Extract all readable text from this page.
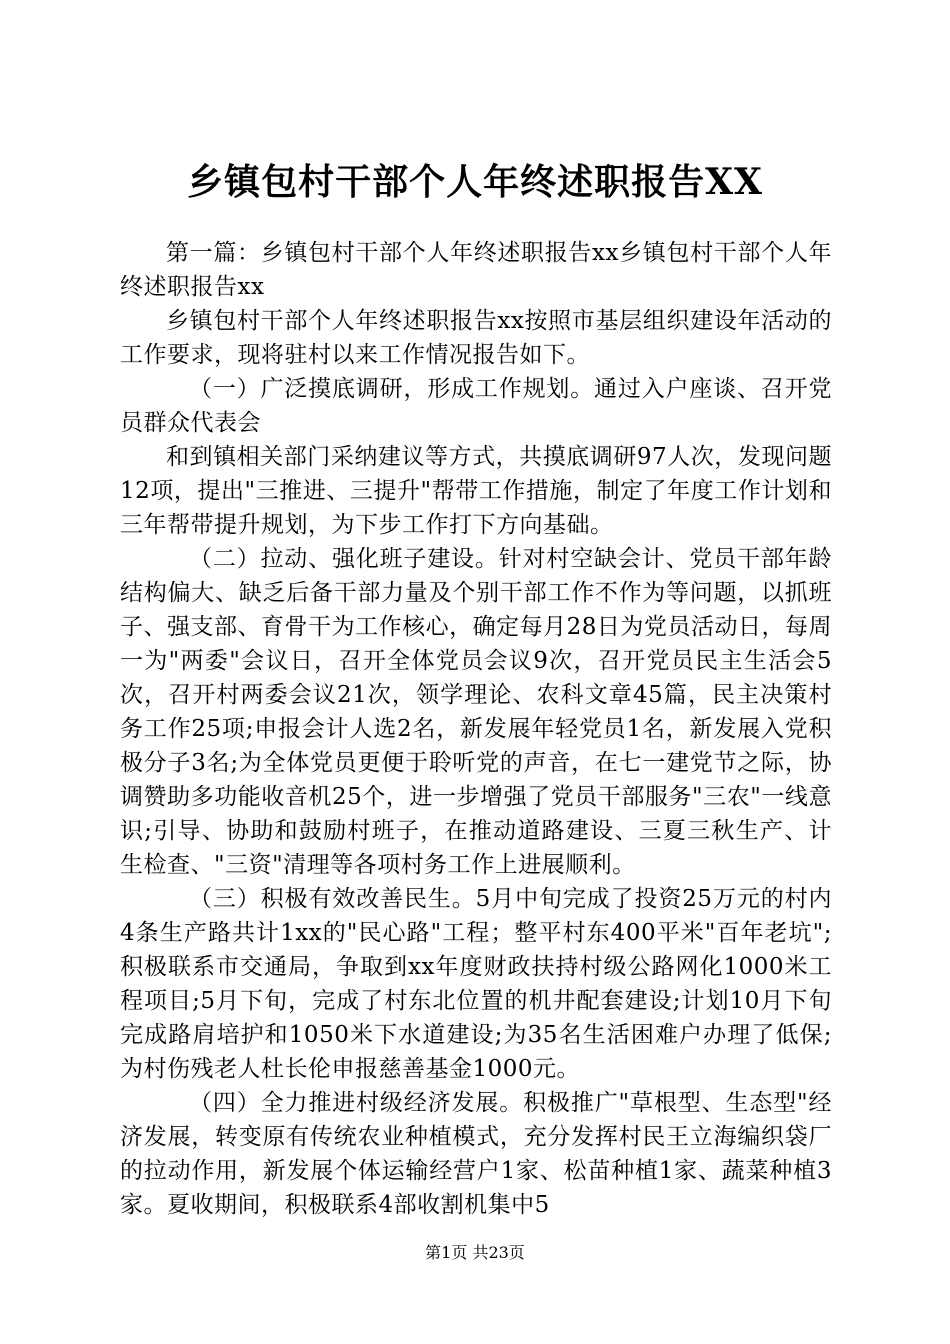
乡镇包村干部个人年终述职报告XX

第一篇：乡镇包村干部个人年终述职报告xx乡镇包村干部个人年终述职报告xx

乡镇包村干部个人年终述职报告xx按照市基层组织建设年活动的工作要求，现将驻村以来工作情况报告如下。

（一）广泛摸底调研，形成工作规划。通过入户座谈、召开党员群众代表会

和到镇相关部门采纳建议等方式，共摸底调研97人次，发现问题12项，提出"三推进、三提升"帮带工作措施，制定了年度工作计划和三年帮带提升规划，为下步工作打下方向基础。

（二）拉动、强化班子建设。针对村空缺会计、党员干部年龄结构偏大、缺乏后备干部力量及个别干部工作不作为等问题，以抓班子、强支部、育骨干为工作核心，确定每月28日为党员活动日，每周一为"两委"会议日，召开全体党员会议9次，召开党员民主生活会5次，召开村两委会议21次，领学理论、农科文章45篇，民主决策村务工作25项;申报会计人选2名，新发展年轻党员1名，新发展入党积极分子3名;为全体党员更便于聆听党的声音，在七一建党节之际，协调赞助多功能收音机25个，进一步增强了党员干部服务"三农"一线意识;引导、协助和鼓励村班子，在推动道路建设、三夏三秋生产、计生检查、"三资"清理等各项村务工作上进展顺利。

（三）积极有效改善民生。5月中旬完成了投资25万元的村内4条生产路共计1xx的"民心路"工程；整平村东400平米"百年老坑";积极联系市交通局，争取到xx年度财政扶持村级公路网化1000米工程项目;5月下旬，完成了村东北位置的机井配套建设;计划10月下旬完成路肩培护和1050米下水道建设;为35名生活困难户办理了低保;为村伤残老人杜长伦申报慈善基金1000元。

（四）全力推进村级经济发展。积极推广"草根型、生态型"经济发展，转变原有传统农业种植模式，充分发挥村民王立海编织袋厂的拉动作用，新发展个体运输经营户1家、松苗种植1家、蔬菜种植3家。夏收期间，积极联系4部收割机集中5

第1页 共23页
